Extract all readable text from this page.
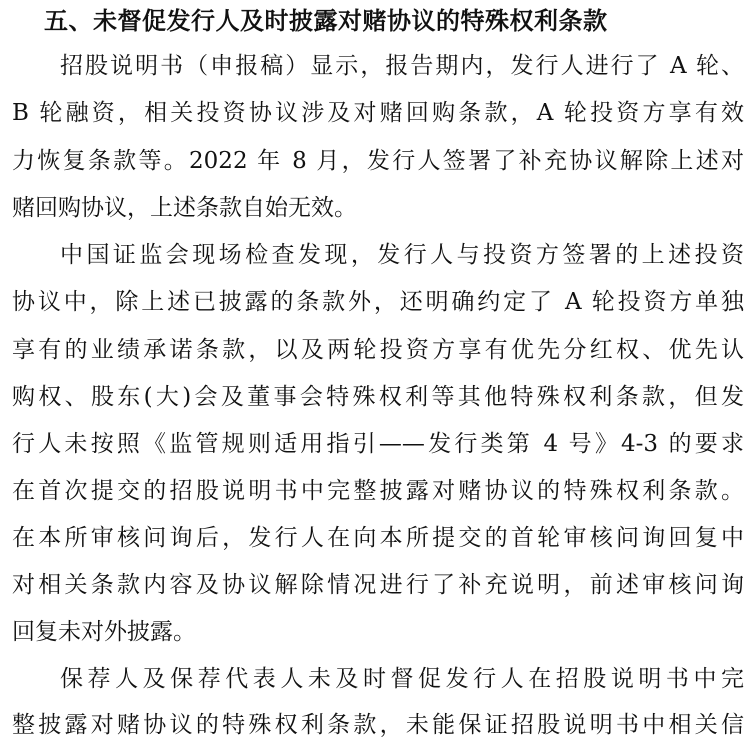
五、未督促发行人及时披露对赌协议的特殊权利条款
招股说明书（申报稿）显示，报告期内，发行人进行了 A 轮、
B 轮融资，相关投资协议涉及对赌回购条款，A 轮投资方享有效
力恢复条款等。2022 年 8 月，发行人签署了补充协议解除上述对
赌回购协议，上述条款自始无效。
中国证监会现场检查发现，发行人与投资方签署的上述投资
协议中，除上述已披露的条款外，还明确约定了 A 轮投资方单独
享有的业绩承诺条款，以及两轮投资方享有优先分红权、优先认
购权、股东(大)会及董事会特殊权利等其他特殊权利条款，但发
行人未按照《监管规则适用指引——发行类第 4 号》4-3 的要求
在首次提交的招股说明书中完整披露对赌协议的特殊权利条款。
在本所审核问询后，发行人在向本所提交的首轮审核问询回复中
对相关条款内容及协议解除情况进行了补充说明，前述审核问询
回复未对外披露。
保荐人及保荐代表人未及时督促发行人在招股说明书中完
整披露对赌协议的特殊权利条款，未能保证招股说明书中相关信
